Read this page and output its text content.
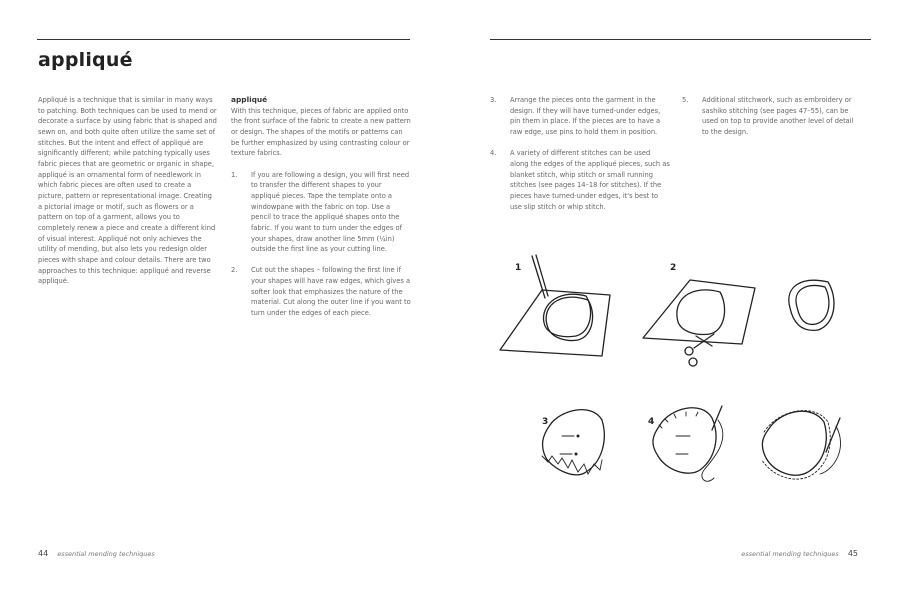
appliqué

Appliqué is a technique that is similar in many ways to patching. Both techniques can be used to mend or decorate a surface by using fabric that is shaped and sewn on, and both quite often utilize the same set of stitches. But the intent and effect of appliqué are significantly different; while patching typically uses fabric pieces that are geometric or organic in shape, appliqué is an ornamental form of needlework in which fabric pieces are often used to create a picture, pattern or representational image. Creating a pictorial image or motif, such as flowers or a pattern on top of a garment, allows you to completely renew a piece and create a different kind of visual interest. Appliqué not only achieves the utility of mending, but also lets you redesign older pieces with shape and colour details. There are two approaches to this technique: appliqué and reverse appliqué.

appliqué

With this technique, pieces of fabric are applied onto the front surface of the fabric to create a new pattern or design. The shapes of the motifs or patterns can be further emphasized by using contrasting colour or texture fabrics.

1. If you are following a design, you will first need to transfer the different shapes to your appliqué pieces. Tape the template onto a windowpane with the fabric on top. Use a pencil to trace the appliqué shapes onto the fabric. If you want to turn under the edges of your shapes, draw another line 5mm (¼in) outside the first line as your cutting line.
2. Cut out the shapes – following the first line if your shapes will have raw edges, which gives a softer look that emphasizes the nature of the material. Cut along the outer line if you want to turn under the edges of each piece.
44 essential mending techniques	essential mending techniques 45
3. Arrange the pieces onto the garment in the design. If they will have turned-under edges, pin them in place. If the pieces are to have a raw edge, use pins to hold them in position.
4. A variety of different stitches can be used along the edges of the appliqué pieces, such as blanket stitch, whip stitch or small running stitches (see pages 14–18 for stitches). If the pieces have turned-under edges, it's best to use slip stitch or whip stitch.
5. Additional stitchwork, such as embroidery or sashiko stitching (see pages 47–55), can be used on top to provide another level of detail to the design.
1	2
3	4
